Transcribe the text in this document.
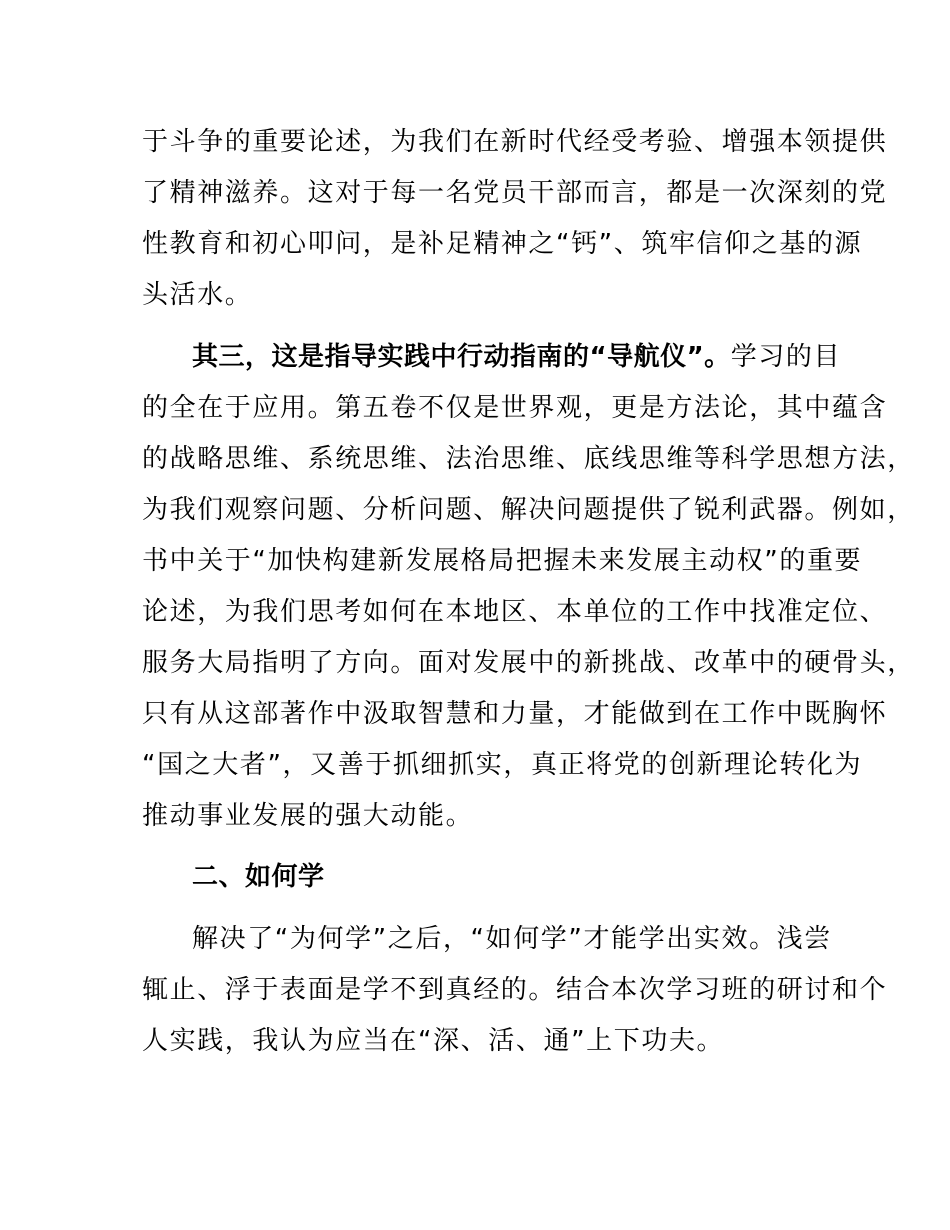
于斗争的重要论述，为我们在新时代经受考验、增强本领提供
了精神滋养。这对于每一名党员干部而言，都是一次深刻的党
性教育和初心叩问，是补足精神之“钙”、筑牢信仰之基的源
头活水。
其三，这是指导实践中行动指南的“导航仪”。学习的目
的全在于应用。第五卷不仅是世界观，更是方法论，其中蕴含
的战略思维、系统思维、法治思维、底线思维等科学思想方法，
为我们观察问题、分析问题、解决问题提供了锐利武器。例如，
书中关于“加快构建新发展格局把握未来发展主动权”的重要
论述，为我们思考如何在本地区、本单位的工作中找准定位、
服务大局指明了方向。面对发展中的新挑战、改革中的硬骨头，
只有从这部著作中汲取智慧和力量，才能做到在工作中既胸怀
“国之大者”，又善于抓细抓实，真正将党的创新理论转化为
推动事业发展的强大动能。
二、如何学
解决了“为何学”之后，“如何学”才能学出实效。浅尝
辄止、浮于表面是学不到真经的。结合本次学习班的研讨和个
人实践，我认为应当在“深、活、通”上下功夫。
